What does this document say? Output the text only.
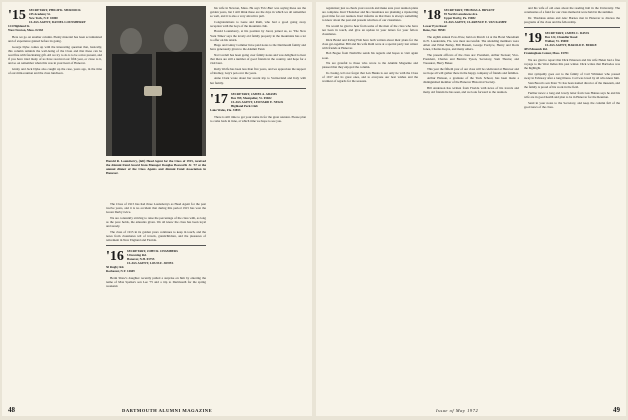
'15 SECRETARY, PHILIP K. MURDOCK
245 Academy St.
New York, N.Y. 10000
CLASS AGENT, DANIEL LOUNSBERRY
124 Highland St.
West Newton, Mass. 02165

Here we go on another column. Plenty material has been accumulated and of experience gained before its going.

George Dyke comes up with the interesting question that, basically, this column reminds the well-being of the Class and that these can be read fine with fascinating gift. All we try to do is to be a nice present, and if you have tried many of us have received our fifth year, or close to it, and so on remember when this was in your heart of Hanover.

Ginny and Jack Dyke also caught up the case, years ago, in the time of our mini-reunion and the class luncheon.

Harold R. Lounsberry, (left) Head Agent for the Class of 1915, received the Alumni Fund Award from Manager Douglas Bosworth Jr. '37 at the annual dinner of the Class Agents and Alumni Fund Association in Hanover.

The Class of 1915 has had three Lounsberrys as Head Agent for the past twelve years, and it is no accident that during this period 1915 has won the Green Derby twice.

We are constantly striving to raise the percentage of the class with, as long as the pace holds, the amounts given. We all know the class has been loyal and steady.

The class of 1915 in its golden years continues to keep in touch, and the notes from classmates tell of travels, grandchildren, and the pleasures of retirement in New England and Florida.

'16 SECRETARY, JOHN R. CHAMBERS
5 Downing Rd.
Hanover, N.H. 03755
CLASS AGENT, LOUIS F. JONES
50 Rugby Rd.
Rochester, N.Y. 14609

Herm Shaw's daughter recently pulled a surprise on him by entering the name of Max Spelke's son Lee '75 and a trip to Dartmouth for the spring weekend.

his wife in Newton, Mass. He says 'Eric-Bus' was saying these are the golden years, but I still think these are the days in which we all remember so well, and it is also a very attractive pull.

Congratulations to Gene and Ruth, who had a good going away reception with the boys of the mountain club.

Harold Lounsberry, at his position by Jared, joined us, so 'The New York Times' says the lovely old family property in the mountains has a lot to offer on his return.

Hugo and Ginny Commer have paid notes to the Dartmouth family and have generously given to the Alumni Fund.

Nat Cordell has been going over family notes and was delighted to hear that there are still a number of good friends in the country, and hope for a visit later.

Ruby Wolfe has been less than five years, and we appreciate the support of Rodney, Guy's pen over the years.

Anne Clark wrote about her recent trip to Switzerland and Italy with her family.

'17 SECRETARY, JAMES A. ADAMS
Box 399, Montpelier, Vt. 05602
CLASS AGENT, LEONARD E. NEGIS
Highland Park Club
Lake Wales, Fla. 33853

There is still time to get your name in for the great reunion. Please plan to come back in June, at which time we hope to see you.

48	DARTMOUTH ALUMNI MAGAZINE

regulation; just re-check your records and make sure your reunion plans are complete. Kurt Thalacker and his classmates are planning a ripsnorting good time for our reunion. Kurt informs us that there is always something to know about the past and present relatives of our classmates.

We would be glad to hear from some of the men of the class who have not been in touch, and give an update in your letters for your fellow classmates.

Dick Brand and Irving Fish have both written about their plans for the class get-together. Bill and his wife Ruth were at a special party last winter with friends at Hanover.

Bob Bogue from Nashville sends his regards and hopes to visit again soon.

We are grateful to those who wrote to the Alumni Magazine and pleased that they enjoyed the column.

In closing, let's not forget that Len Hanks is our only tie with the Class of 1917 and its great ones, and to everyone our best wishes and the warmest of regards for the seasons.

'18 SECRETARY, THOMAS A. BRYANT
95 North Lansdowne Ave.
Upper Darby, Pa. 19082
CLASS AGENT, CLARENCE E. VAN KAMPF
Lower Eyre Road
Reno, Nev. 89501

The eighth annual Pow-Wow, held on March 14 at the Hotel Shoreham in Ft. Lauderdale, Fla. was most successful. The attending members were Allen and Ethel Bailey, Bill Bassett, George Fordyce, Henry and Doris Jones, Charles Keyes, and many others.

The present officers of the class are: President, Arthur Stetson; Vice-President, Charles and Bernice Tyson, Secretary, Sam Thorne; and Treasurer, Harry Baker.

This year the fiftieth year of our class will be celebrated at Hanover and we hope all will gather there in the happy company of friends and families.

Arthur Hanson, a graduate of the Tuck School, has been made a distinguished member of the Hanover Historical Society.

Bill Anderson has written from Florida with news of his travels and many old friends he has seen, and we look forward to the reunion.

and his wife of old ones about the reading hall in the University. The ceremonies of a fund for our class memorial were held in the summer.

Dr. Thaddeus Ames and Alec Barnes met in Hanover to discuss the programs of the class and the fellowship.

'19 SECRETARY, JAMES C. DAVIS
Box 122, Chandler Road
Walker, Vt. 05000
CLASS AGENT, HAROLD E. BURKE
485 Edmonds Rd.
Framingham Center, Mass. 01701

We are glad to report that Dick Emerson and his wife Helen had a fine voyage to the West Indies this past winter. Dick writes that Barbados was the highlight.

Our sympathy goes out to the family of Carl Whitaker who passed away in February after a long illness. Carl was loved by all who knew him.

Stan Bacon's son Peter '51 has been named director of the museum, and the family is proud of his work in the field.

Further news: a long and lovely letter from Gus Haines says he and his wife are in good health and plan to be in Hanover for the Reunion.

Send in your notes to the Secretary, and keep the column full of the good news of the class.

Issue of May 1972	49
